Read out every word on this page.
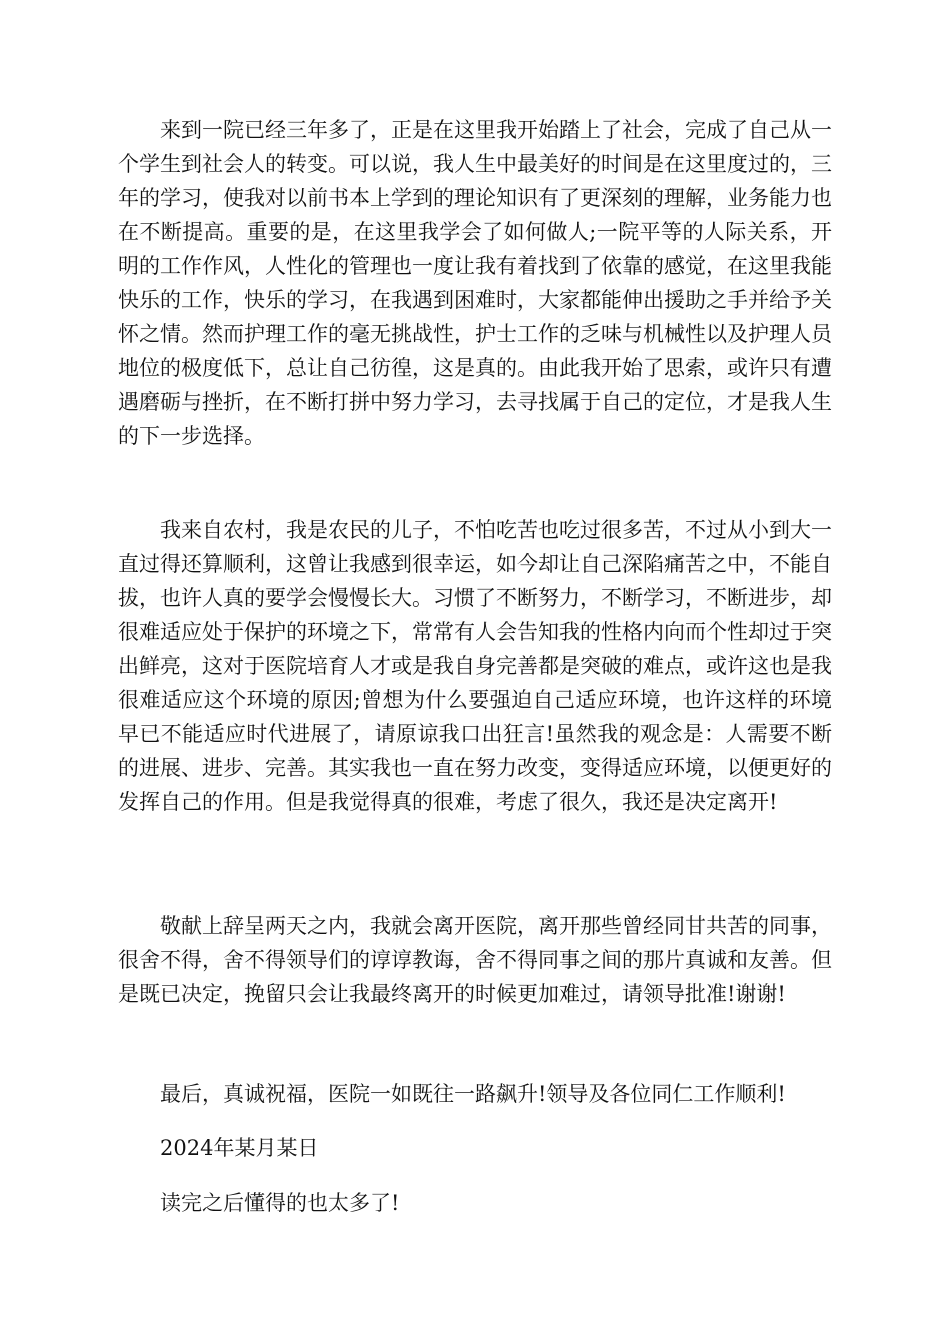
来到一院已经三年多了，正是在这里我开始踏上了社会，完成了自己从一个学生到社会人的转变。可以说，我人生中最美好的时间是在这里度过的，三年的学习，使我对以前书本上学到的理论知识有了更深刻的理解，业务能力也在不断提高。重要的是，在这里我学会了如何做人;一院平等的人际关系，开明的工作作风，人性化的管理也一度让我有着找到了依靠的感觉，在这里我能快乐的工作，快乐的学习，在我遇到困难时，大家都能伸出援助之手并给予关怀之情。然而护理工作的毫无挑战性，护士工作的乏味与机械性以及护理人员地位的极度低下，总让自己彷徨，这是真的。由此我开始了思索，或许只有遭遇磨砺与挫折，在不断打拼中努力学习，去寻找属于自己的定位，才是我人生的下一步选择。

我来自农村，我是农民的儿子，不怕吃苦也吃过很多苦，不过从小到大一直过得还算顺利，这曾让我感到很幸运，如今却让自己深陷痛苦之中，不能自拔，也许人真的要学会慢慢长大。习惯了不断努力，不断学习，不断进步，却很难适应处于保护的环境之下，常常有人会告知我的性格内向而个性却过于突出鲜亮，这对于医院培育人才或是我自身完善都是突破的难点，或许这也是我很难适应这个环境的原因;曾想为什么要强迫自己适应环境，也许这样的环境早已不能适应时代进展了，请原谅我口出狂言!虽然我的观念是：人需要不断的进展、进步、完善。其实我也一直在努力改变，变得适应环境，以便更好的发挥自己的作用。但是我觉得真的很难，考虑了很久，我还是决定离开!

敬献上辞呈两天之内，我就会离开医院，离开那些曾经同甘共苦的同事，很舍不得，舍不得领导们的谆谆教诲，舍不得同事之间的那片真诚和友善。但是既已决定，挽留只会让我最终离开的时候更加难过，请领导批准!谢谢!

最后，真诚祝福，医院一如既往一路飙升!领导及各位同仁工作顺利!

2024年某月某日
读完之后懂得的也太多了!
